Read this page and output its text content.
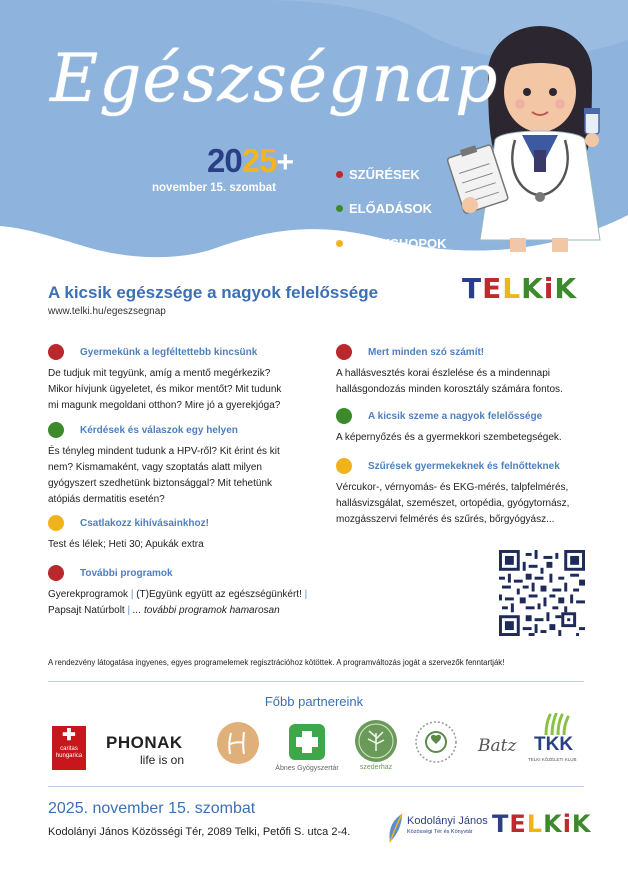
Egészségnap
2025+
november 15. szombat
SZŰRÉSEK
ELŐADÁSOK
WORKSHOPOK
A kicsik egészsége a nagyok felelőssége
www.telki.hu/egeszsegnap
TELKiK
Gyermekünk a legféltettebb kincsünk
De tudjuk mit tegyünk, amíg a mentő megérkezik?
Mikor hívjunk ügyeletet, és mikor mentőt? Mit tudunk
mi magunk megoldani otthon? Mire jó a gyerekjóga?
Kérdések és válaszok egy helyen
És tényleg mindent tudunk a HPV-ről? Kit érint és kit
nem? Kismamaként, vagy szoptatás alatt milyen
gyógyszert szedhetünk biztonsággal? Mit tehetünk
atópiás dermatitis esetén?
Csatlakozz kihívásainkhoz!
Test és lélek; Heti 30; Apukák extra
További programok
Gyerekprogramok | (T)Együnk együtt az egészségünkért! |
Papsajt Natúrbolt | ... további programok hamarosan
Mert minden szó számít!
A hallásvesztés korai észlelése és a mindennapi
hallásgondozás minden korosztály számára fontos.
A kicsik szeme a nagyok felelőssége
A képernyőzés és a gyermekkori szembetegségek.
Szűrések gyermekeknek és felnőtteknek
Vércukor-, vérnyomás- és EKG-mérés, talpfelmérés,
hallásvizsgálat, szemészet, ortopédia, gyógytornász,
mozgásszervi felmérés és szűrés, bőrgyógyász...
A rendezvény látogatása ingyenes, egyes programelemek regisztrációhoz kötöttek. A programváltozás jogát a szervezők fenntartják!
Főbb partnereink
✚
caritas
hungarica
PHONAK
life is on
Ábnes Gyógyszertár	szederhaz
Batz TKK
TELKI KÖZÉLETI KLUB
2025. november 15. szombat
Kodolányi János Közösségi Tér, 2089 Telki, Petőfi S. utca 2-4.
Kodolányi János
Közösségi Tér és Könyvtár TELKiK
